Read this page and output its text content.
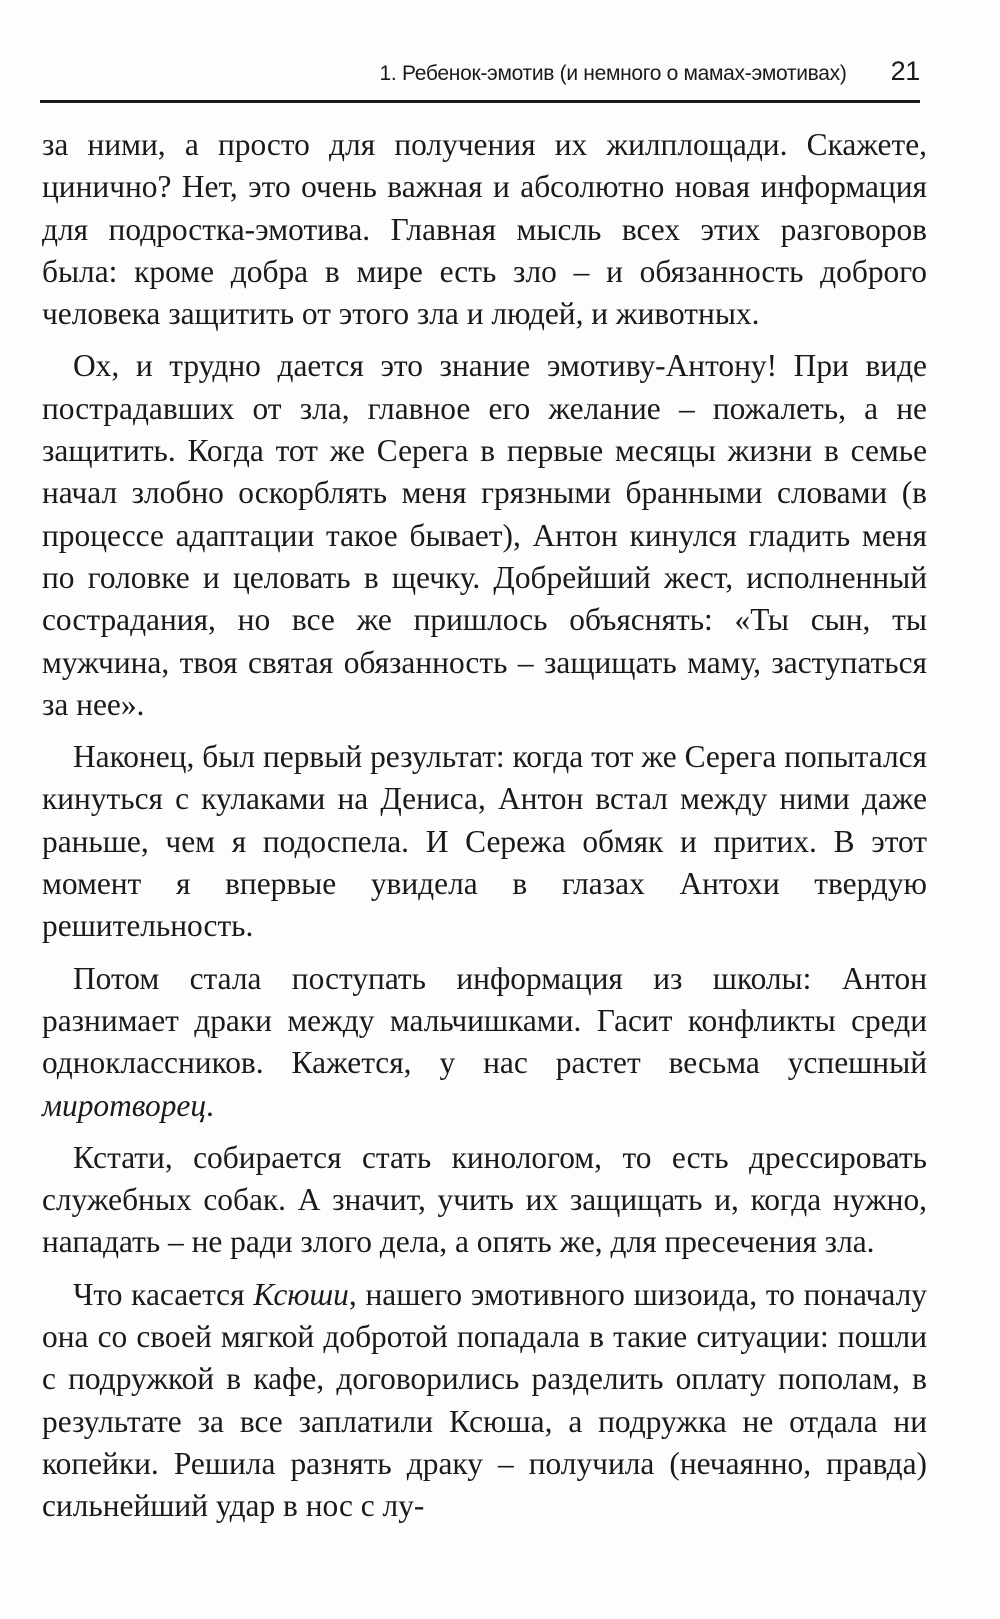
1. Ребенок-эмотив (и немного о мамах-эмотивах) 21

за ними, а просто для получения их жилплощади. Скажете, цинично? Нет, это очень важная и абсолютно новая информация для подростка-эмотива. Главная мысль всех этих разговоров была: кроме добра в мире есть зло – и обязанность доброго человека защитить от этого зла и людей, и животных.

Ох, и трудно дается это знание эмотиву-Антону! При виде пострадавших от зла, главное его желание – пожалеть, а не защитить. Когда тот же Серега в первые месяцы жизни в семье начал злобно оскорблять меня грязными бранными словами (в процессе адаптации такое бывает), Антон кинулся гладить меня по головке и целовать в щечку. Добрейший жест, исполненный сострадания, но все же пришлось объяснять: «Ты сын, ты мужчина, твоя святая обязанность – защищать маму, заступаться за нее».

Наконец, был первый результат: когда тот же Серега попытался кинуться с кулаками на Дениса, Антон встал между ними даже раньше, чем я подоспела. И Сережа обмяк и притих. В этот момент я впервые увидела в глазах Антохи твердую решительность.

Потом стала поступать информация из школы: Антон разнимает драки между мальчишками. Гасит конфликты среди одноклассников. Кажется, у нас растет весьма успешный миротворец.

Кстати, собирается стать кинологом, то есть дрессировать служебных собак. А значит, учить их защищать и, когда нужно, нападать – не ради злого дела, а опять же, для пресечения зла.

Что касается Ксюши, нашего эмотивного шизоида, то поначалу она со своей мягкой добротой попадала в такие ситуации: пошли с подружкой в кафе, договорились разделить оплату пополам, в результате за все заплатили Ксюша, а подружка не отдала ни копейки. Решила разнять драку – получила (нечаянно, правда) сильнейший удар в нос с лу-
